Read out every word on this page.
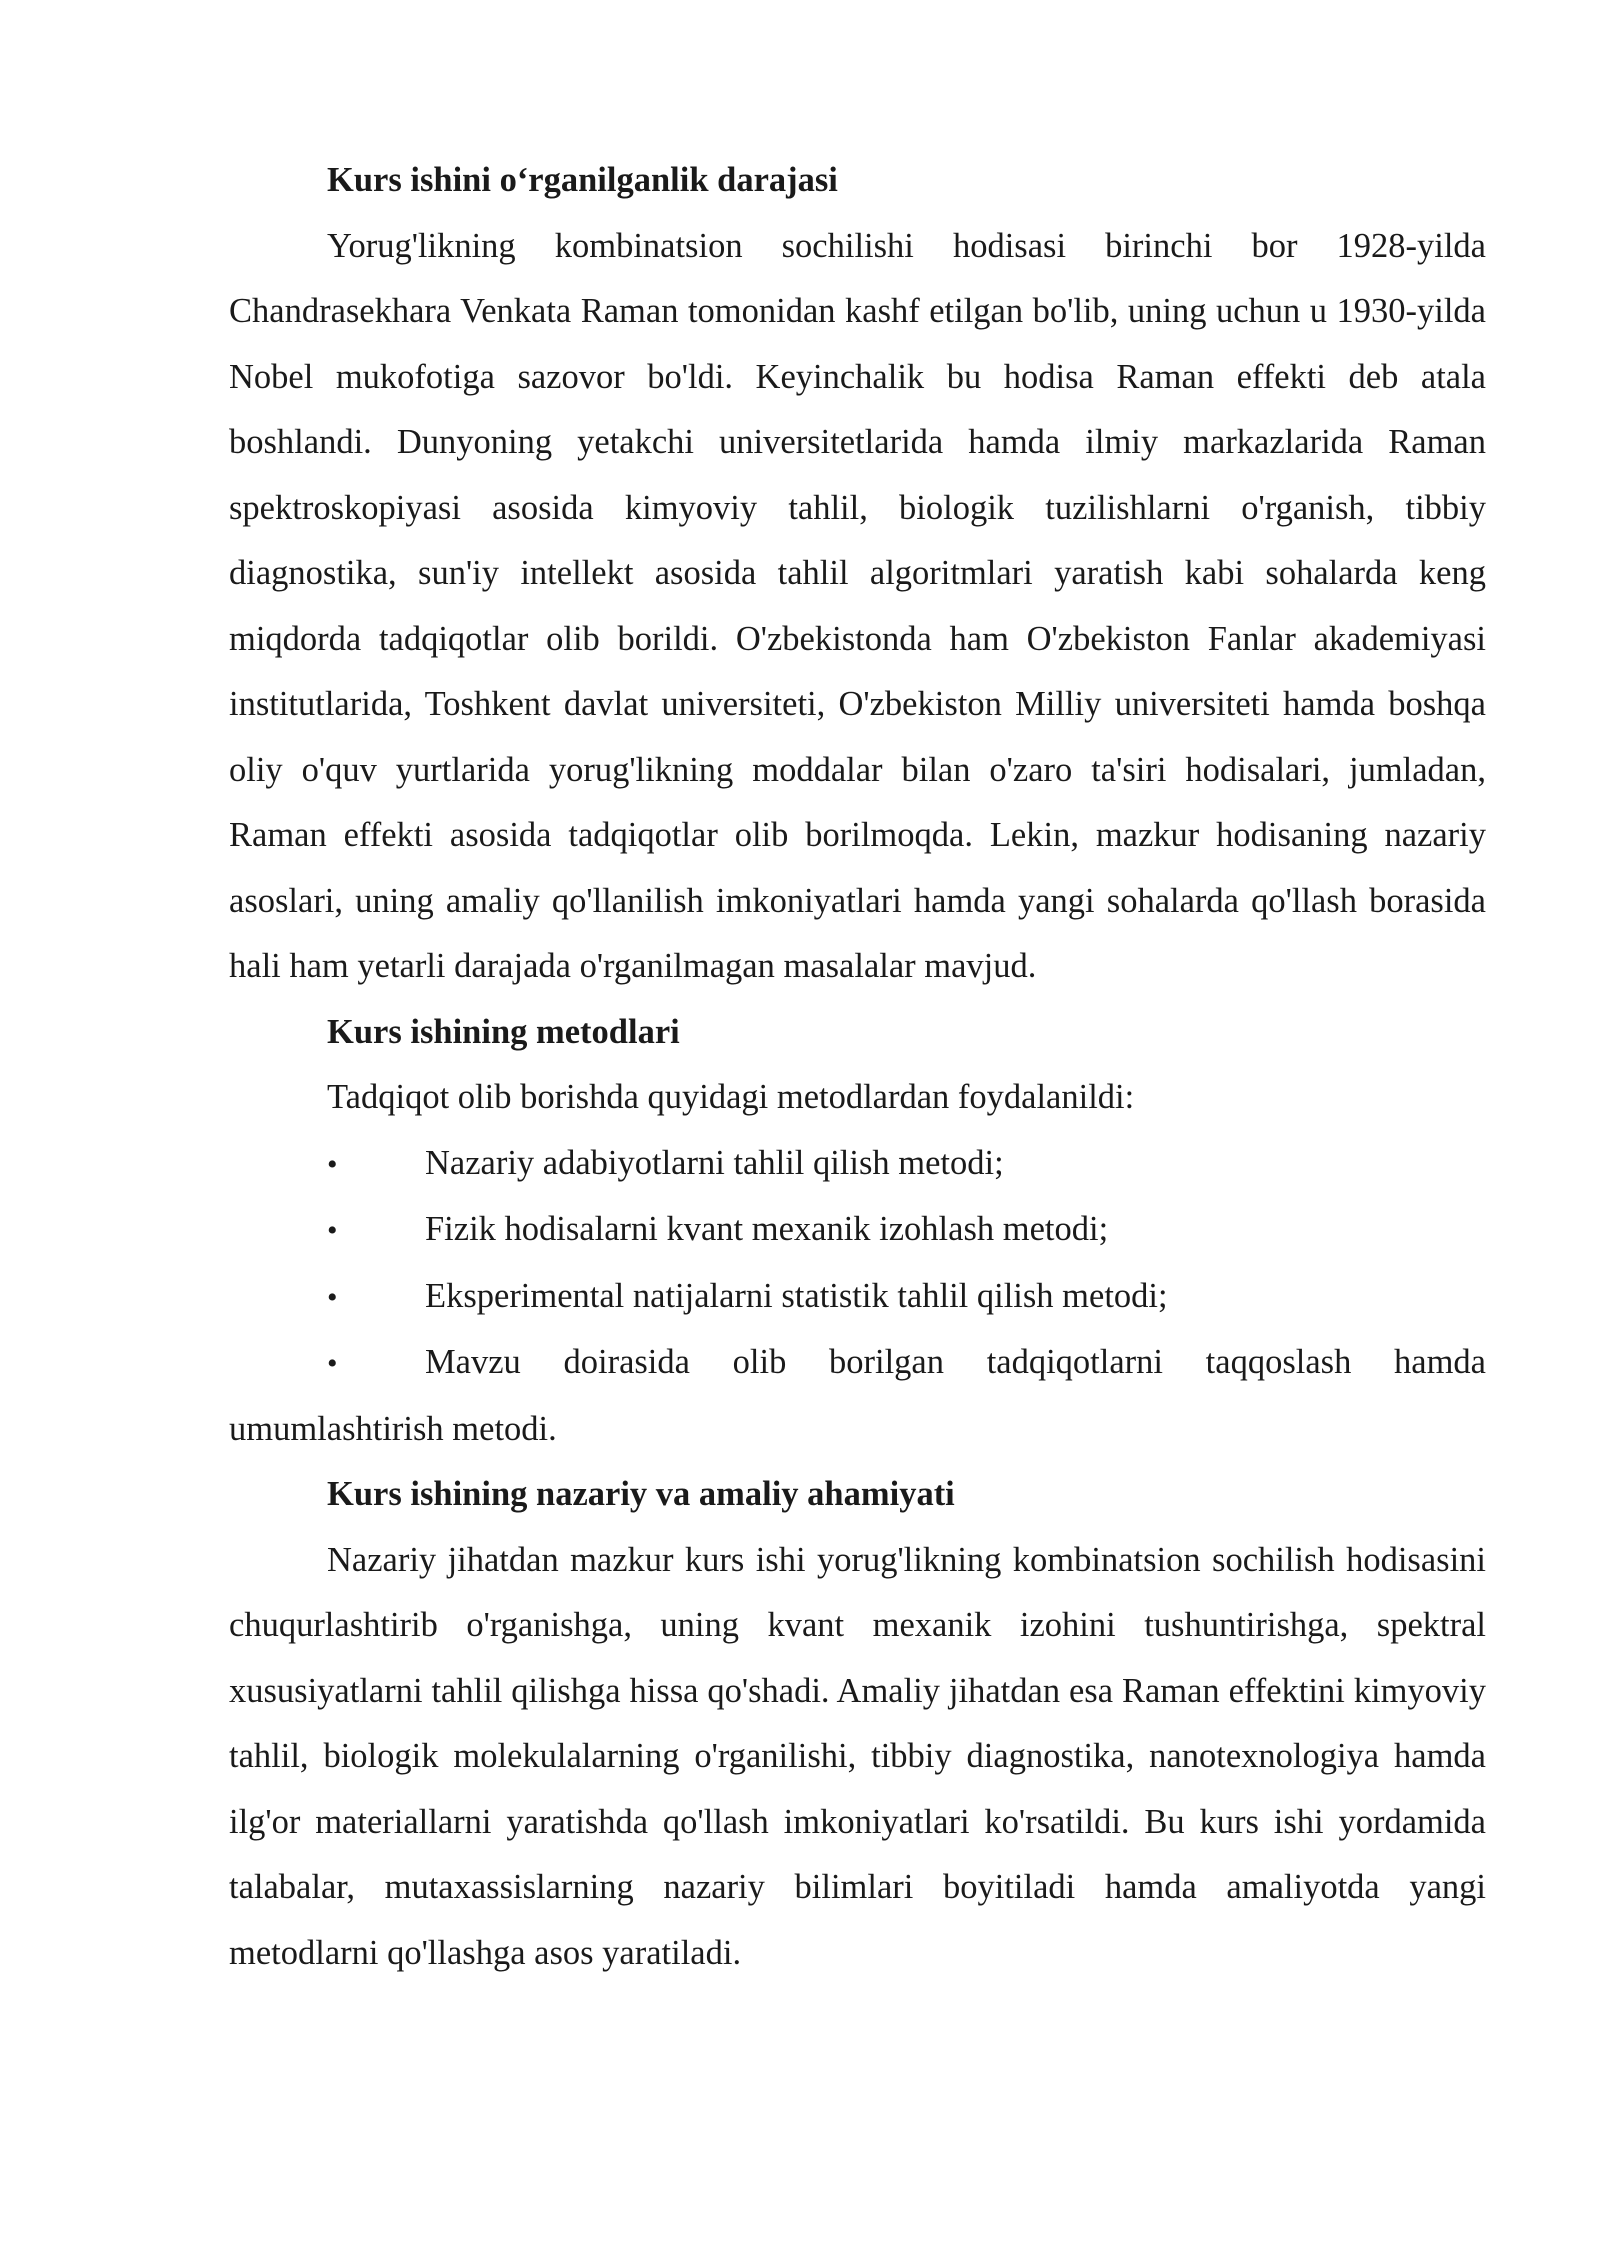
Kurs ishini o‘rganilganlik darajasi

Yorug'likning kombinatsion sochilishi hodisasi birinchi bor 1928-yilda Chandrasekhara Venkata Raman tomonidan kashf etilgan bo'lib, uning uchun u 1930-yilda Nobel mukofotiga sazovor bo'ldi. Keyinchalik bu hodisa Raman effekti deb atala boshlandi. Dunyoning yetakchi universitetlarida hamda ilmiy markazlarida Raman spektroskopiyasi asosida kimyoviy tahlil, biologik tuzilishlarni o'rganish, tibbiy diagnostika, sun'iy intellekt asosida tahlil algoritmlari yaratish kabi sohalarda keng miqdorda tadqiqotlar olib borildi. O'zbekistonda ham O'zbekiston Fanlar akademiyasi institutlarida, Toshkent davlat universiteti, O'zbekiston Milliy universiteti hamda boshqa oliy o'quv yurtlarida yorug'likning moddalar bilan o'zaro ta'siri hodisalari, jumladan, Raman effekti asosida tadqiqotlar olib borilmoqda. Lekin, mazkur hodisaning nazariy asoslari, uning amaliy qo'llanilish imkoniyatlari hamda yangi sohalarda qo'llash borasida hali ham yetarli darajada o'rganilmagan masalalar mavjud.

Kurs ishining metodlari

Tadqiqot olib borishda quyidagi metodlardan foydalanildi:

•	Nazariy adabiyotlarni tahlil qilish metodi;
•	Fizik hodisalarni kvant mexanik izohlash metodi;
•	Eksperimental natijalarni statistik tahlil qilish metodi;
•	Mavzu doirasida olib borilgan tadqiqotlarni taqqoslash hamda umumlashtirish metodi.
Kurs ishining nazariy va amaliy ahamiyati

Nazariy jihatdan mazkur kurs ishi yorug'likning kombinatsion sochilish hodisasini chuqurlashtirib o'rganishga, uning kvant mexanik izohini tushuntirishga, spektral xususiyatlarni tahlil qilishga hissa qo'shadi. Amaliy jihatdan esa Raman effektini kimyoviy tahlil, biologik molekulalarning o'rganilishi, tibbiy diagnostika, nanotexnologiya hamda ilg'or materiallarni yaratishda qo'llash imkoniyatlari ko'rsatildi. Bu kurs ishi yordamida talabalar, mutaxassislarning nazariy bilimlari boyitiladi hamda amaliyotda yangi metodlarni qo'llashga asos yaratiladi.
